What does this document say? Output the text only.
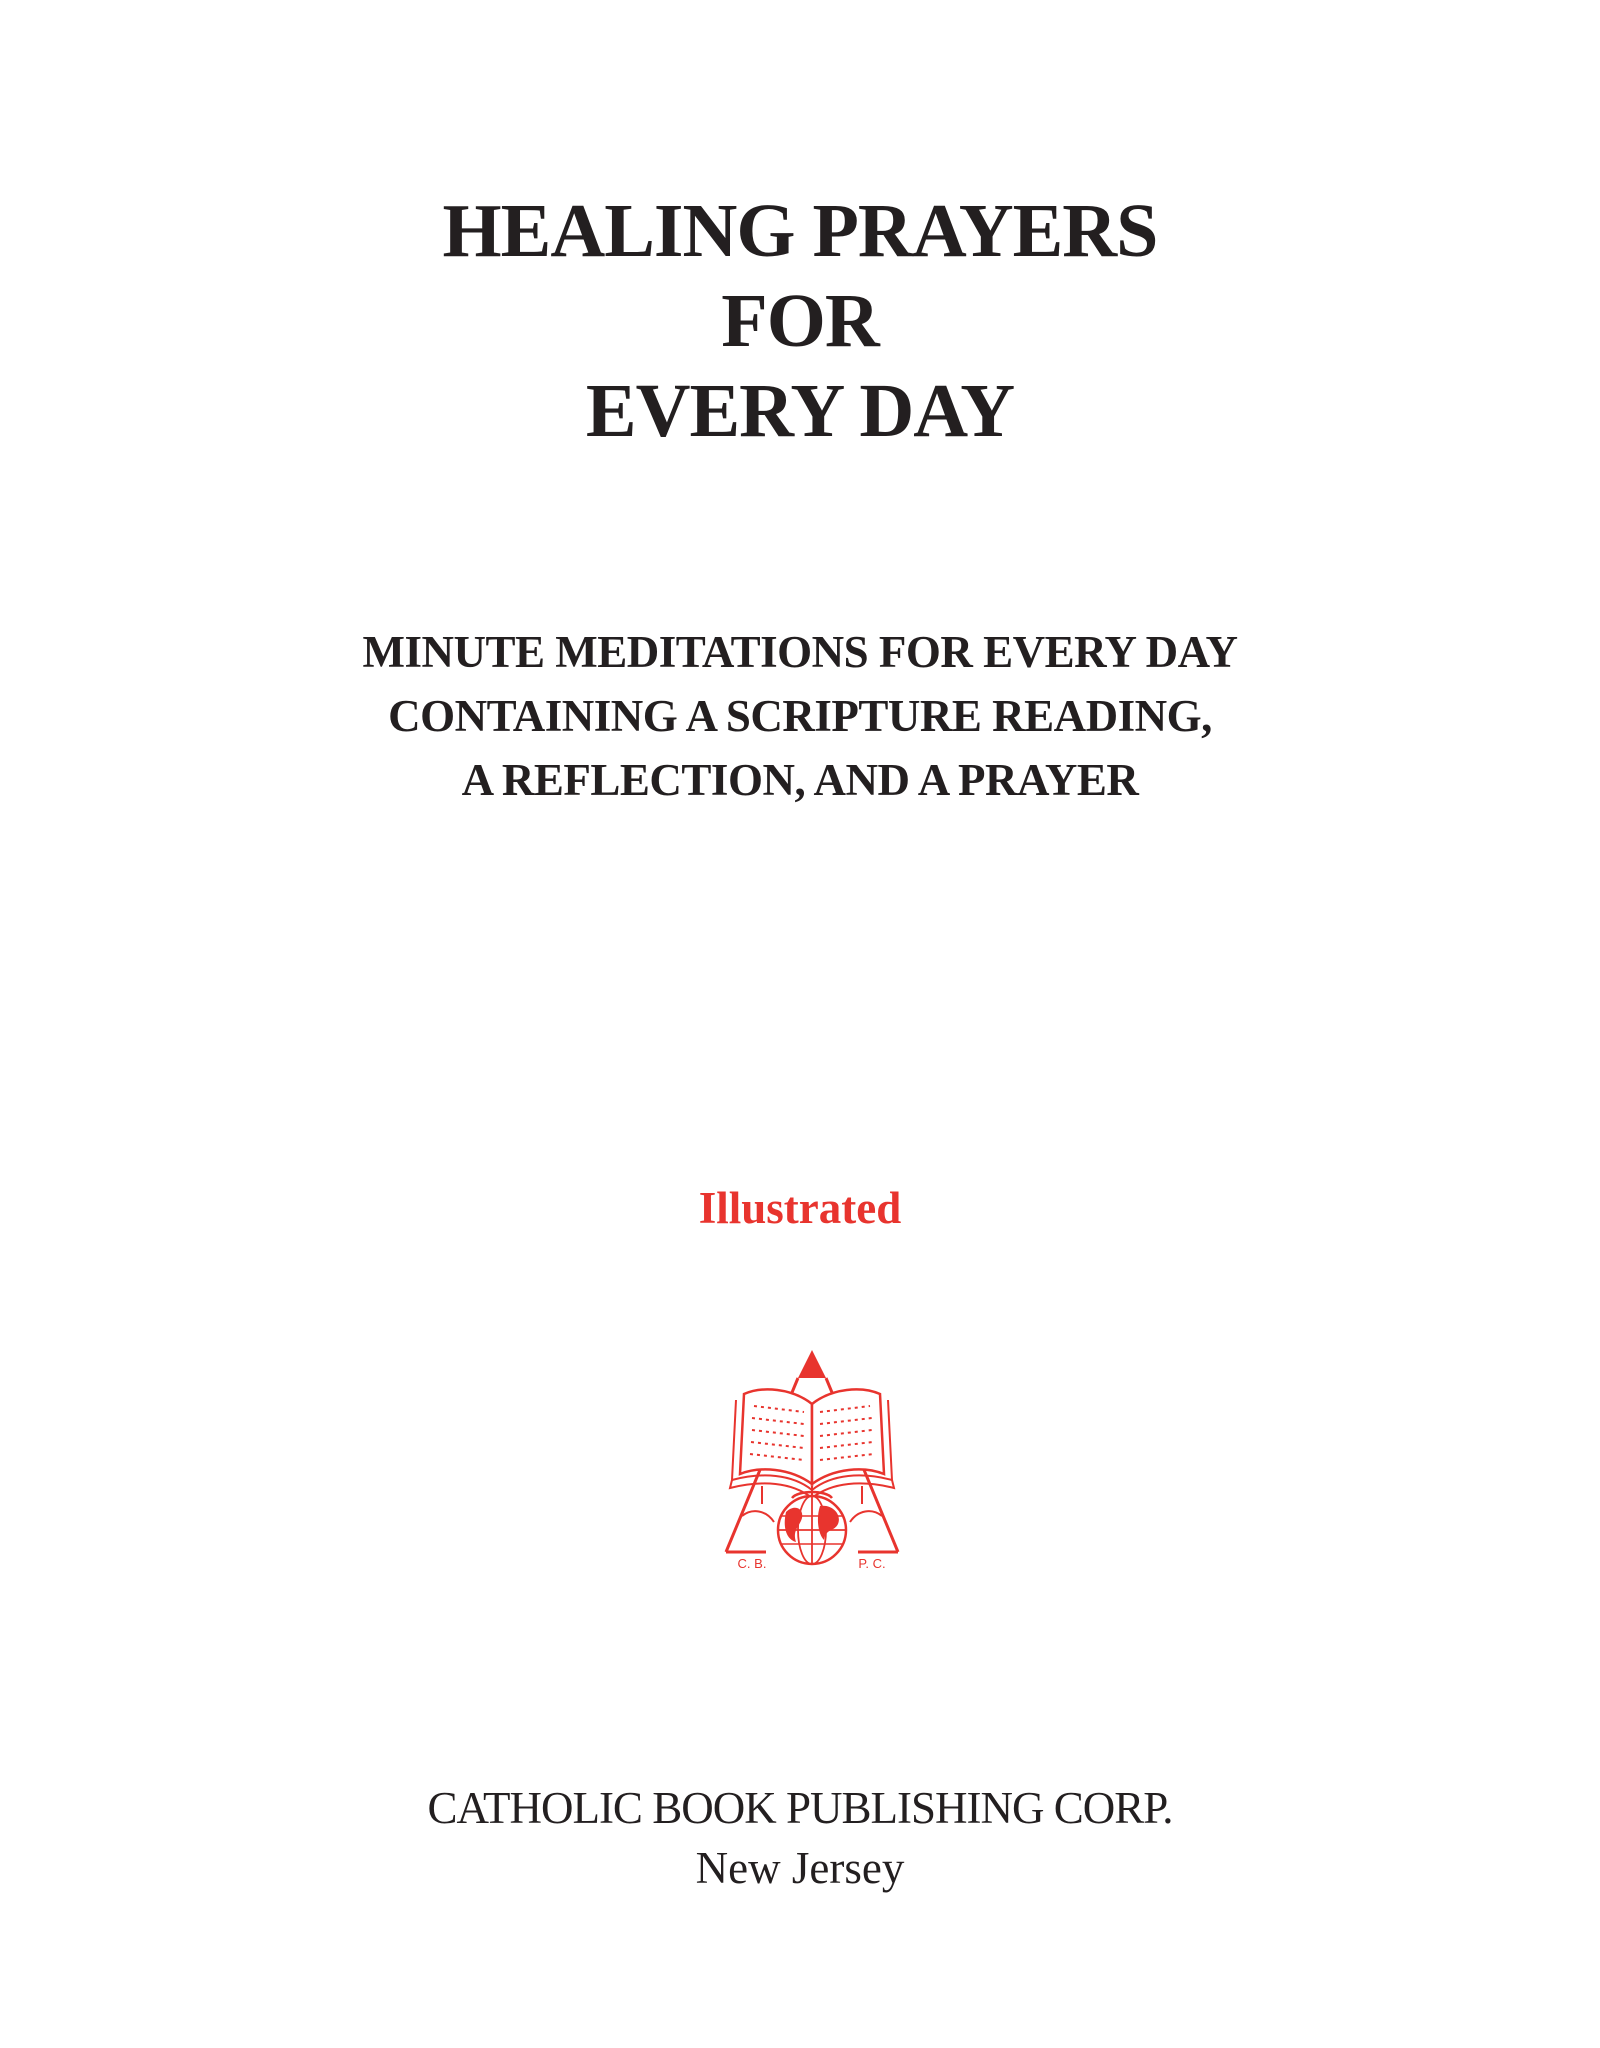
HEALING PRAYERS
FOR
EVERY DAY
MINUTE MEDITATIONS FOR EVERY DAY
CONTAINING A SCRIPTURE READING,
A REFLECTION, AND A PRAYER
Illustrated
C. B.	P. C.
CATHOLIC BOOK PUBLISHING CORP.
New Jersey
